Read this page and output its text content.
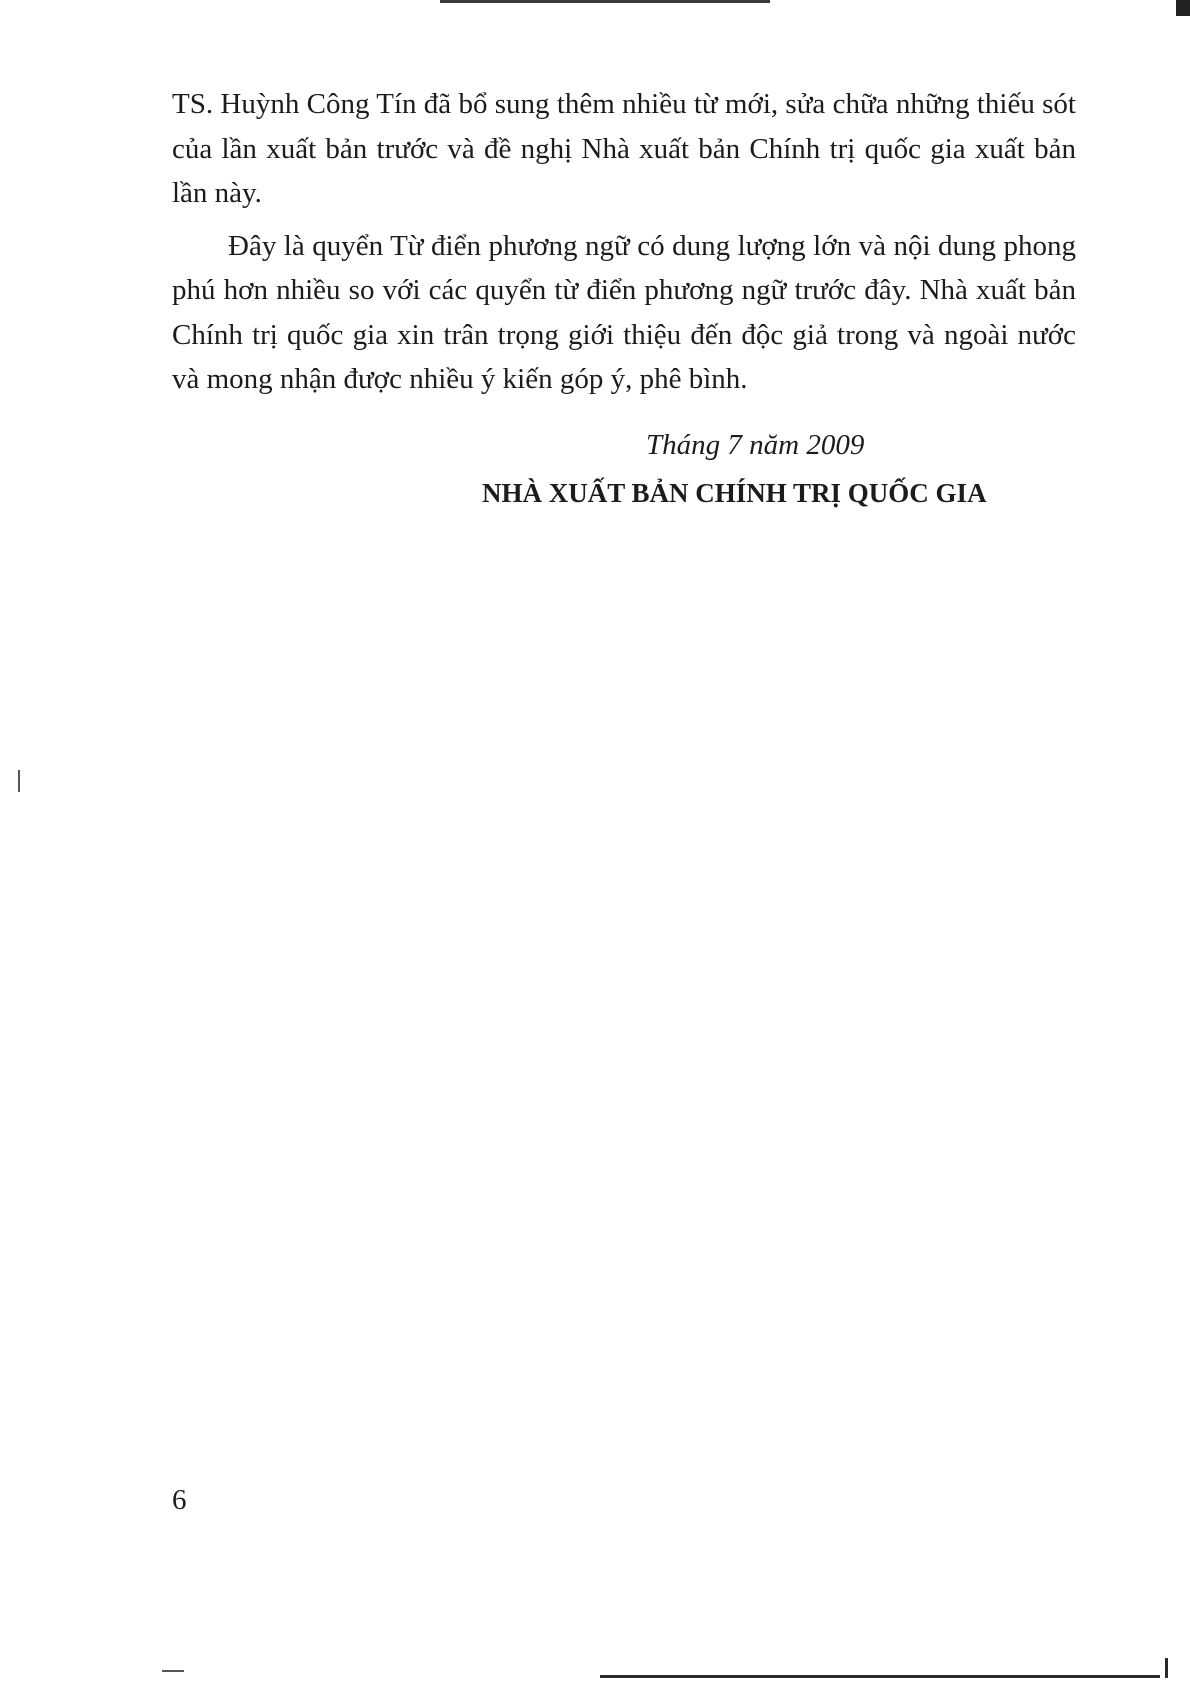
TS. Huỳnh Công Tín đã bổ sung thêm nhiều từ mới, sửa chữa những thiếu sót của lần xuất bản trước và đề nghị Nhà xuất bản Chính trị quốc gia xuất bản lần này.

Đây là quyển Từ điển phương ngữ có dung lượng lớn và nội dung phong phú hơn nhiều so với các quyển từ điển phương ngữ trước đây. Nhà xuất bản Chính trị quốc gia xin trân trọng giới thiệu đến độc giả trong và ngoài nước và mong nhận được nhiều ý kiến góp ý, phê bình.

Tháng 7 năm 2009

NHÀ XUẤT BẢN CHÍNH TRỊ QUỐC GIA

6
